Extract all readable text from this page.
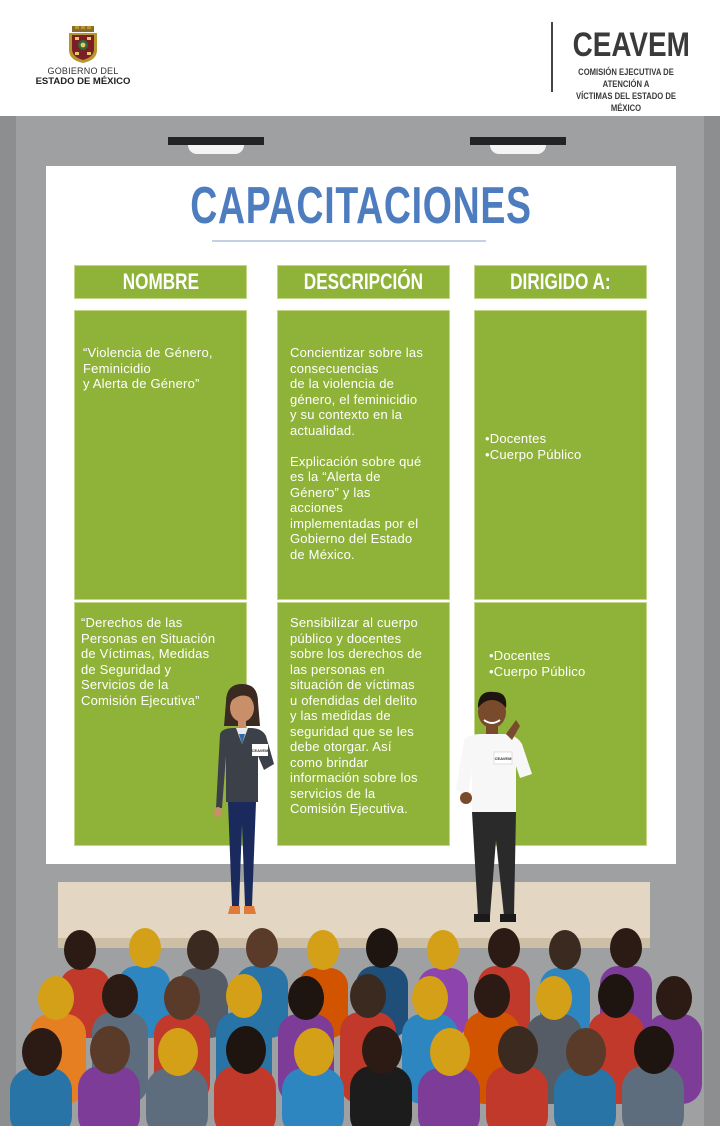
GOBIERNO DEL
ESTADO DE MÉXICO
CEAVEM
COMISIÓN EJECUTIVA DE ATENCIÓN A
VÍCTIMAS DEL ESTADO DE MÉXICO
CAPACITACIONES
NOMBRE	DESCRIPCIÓN	DIRIGIDO A:
“Violencia de Género,
Feminicidio
y Alerta de Género”
Concientizar sobre las
consecuencias
de la violencia de
género, el feminicidio
y su contexto en la
actualidad.

Explicación sobre qué
es la “Alerta de
Género” y las
acciones
implementadas por el
Gobierno del Estado
de México.
•Docentes
•Cuerpo Público
“Derechos de las
Personas en Situación
de Víctimas, Medidas
de Seguridad y
Servicios de la
Comisión Ejecutiva”
Sensibilizar al cuerpo
público y docentes
sobre los derechos de
las personas en
situación de víctimas
u ofendidas del delito
y las medidas de
seguridad que se les
debe otorgar. Así
como brindar
información sobre los
servicios de la
Comisión Ejecutiva.
•Docentes
•Cuerpo Público
CEAVEM
CEAVEM
